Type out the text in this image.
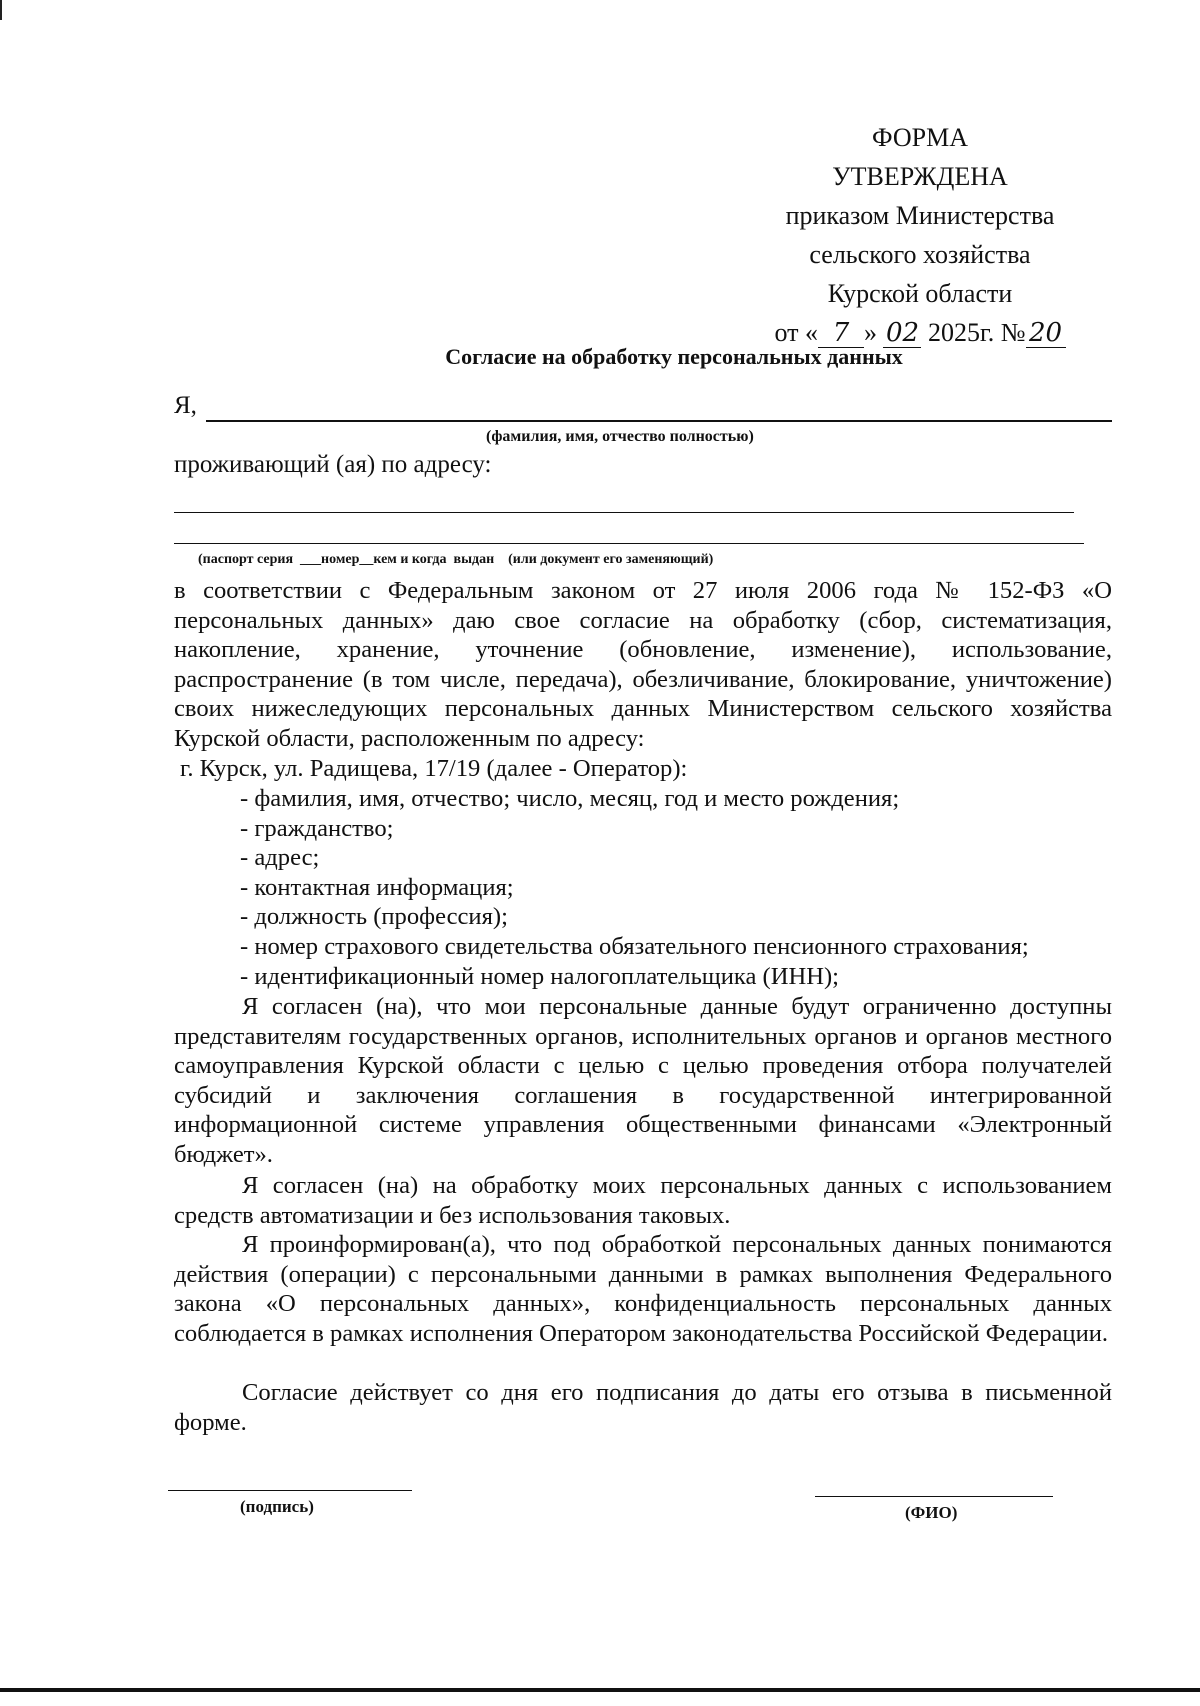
ФОРМА
УТВЕРЖДЕНА
приказом Министерства
сельского хозяйства
Курской области
от « 7 » 02 2025г. № 20
Согласие на обработку персональных данных
Я,
(фамилия, имя, отчество полностью)
проживающий (ая) по адресу:
(паспорт серия  ___номер__кем и когда  выдан    (или документ его заменяющий)
в соответствии с Федеральным законом от 27 июля 2006 года № 152-ФЗ «О персональных данных» даю свое согласие на обработку (сбор, систематизация, накопление, хранение, уточнение (обновление, изменение), использование, распространение (в том числе, передача), обезличивание, блокирование, уничтожение) своих нижеследующих персональных данных Министерством сельского хозяйства Курской области, расположенным по адресу:
г. Курск, ул. Радищева, 17/19 (далее - Оператор):
- фамилия, имя, отчество; число, месяц, год и место рождения;
- гражданство;
- адрес;
- контактная информация;
- должность (профессия);
- номер страхового свидетельства обязательного пенсионного страхования;
- идентификационный номер налогоплательщика (ИНН);
Я согласен (на), что мои персональные данные будут ограниченно доступны представителям государственных органов, исполнительных органов и органов местного самоуправления Курской области с целью с целью проведения отбора получателей субсидий и заключения соглашения в государственной интегрированной информационной системе управления общественными финансами «Электронный бюджет».
Я согласен (на) на обработку моих персональных данных с использованием средств автоматизации и без использования таковых.
Я проинформирован(а), что под обработкой персональных данных понимаются действия (операции) с персональными данными в рамках выполнения Федерального закона «О персональных данных», конфиденциальность персональных данных соблюдается в рамках исполнения Оператором законодательства Российской Федерации.
Согласие действует со дня его подписания до даты его отзыва в письменной форме.
(подпись)	(ФИО)
